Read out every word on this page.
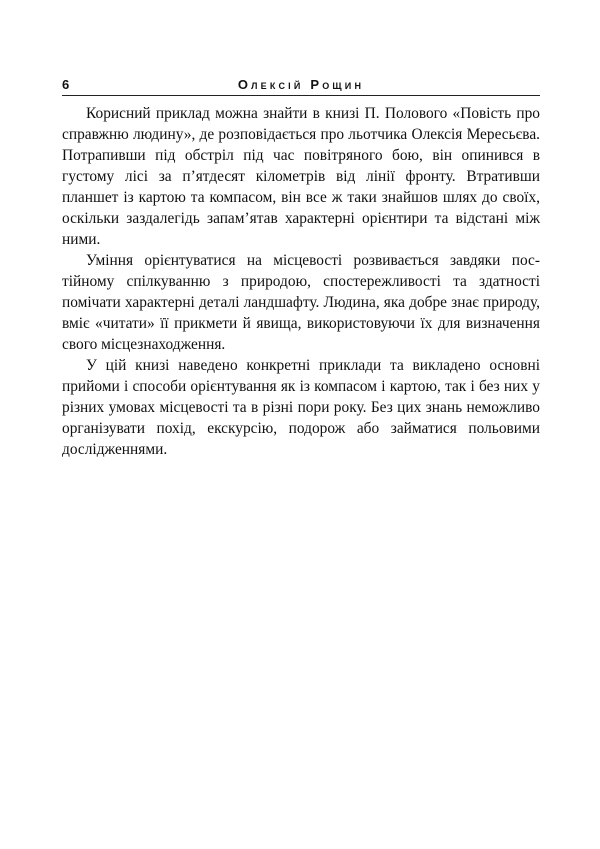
6	Олексій Рощин

Корисний приклад можна знайти в книзі П. Полового «Повість про справжню людину», де розповідається про льотчика Олексія Мересьєва. Потрапивши під обстріл під час повітряного бою, він опинився в густому лісі за п’ятдесят кілометрів від лінії фронту. Втративши планшет із картою та компасом, він все ж таки знайшов шлях до своїх, оскільки заздалегідь запам’ятав характерні орієнтири та відстані між ними.

Уміння орієнтуватися на місцевості розвивається завдяки постійному спілкуванню з природою, спостережливості та здатності помічати характерні деталі ландшафту. Людина, яка добре знає природу, вміє «читати» її прикмети й явища, використовуючи їх для визначення свого місцезнаходження.

У цій книзі наведено конкретні приклади та викладено основні прийоми і способи орієнтування як із компасом і картою, так і без них у різних умовах місцевості та в різні пори року. Без цих знань неможливо організувати похід, екскурсію, подорож або займатися польовими дослідженнями.
